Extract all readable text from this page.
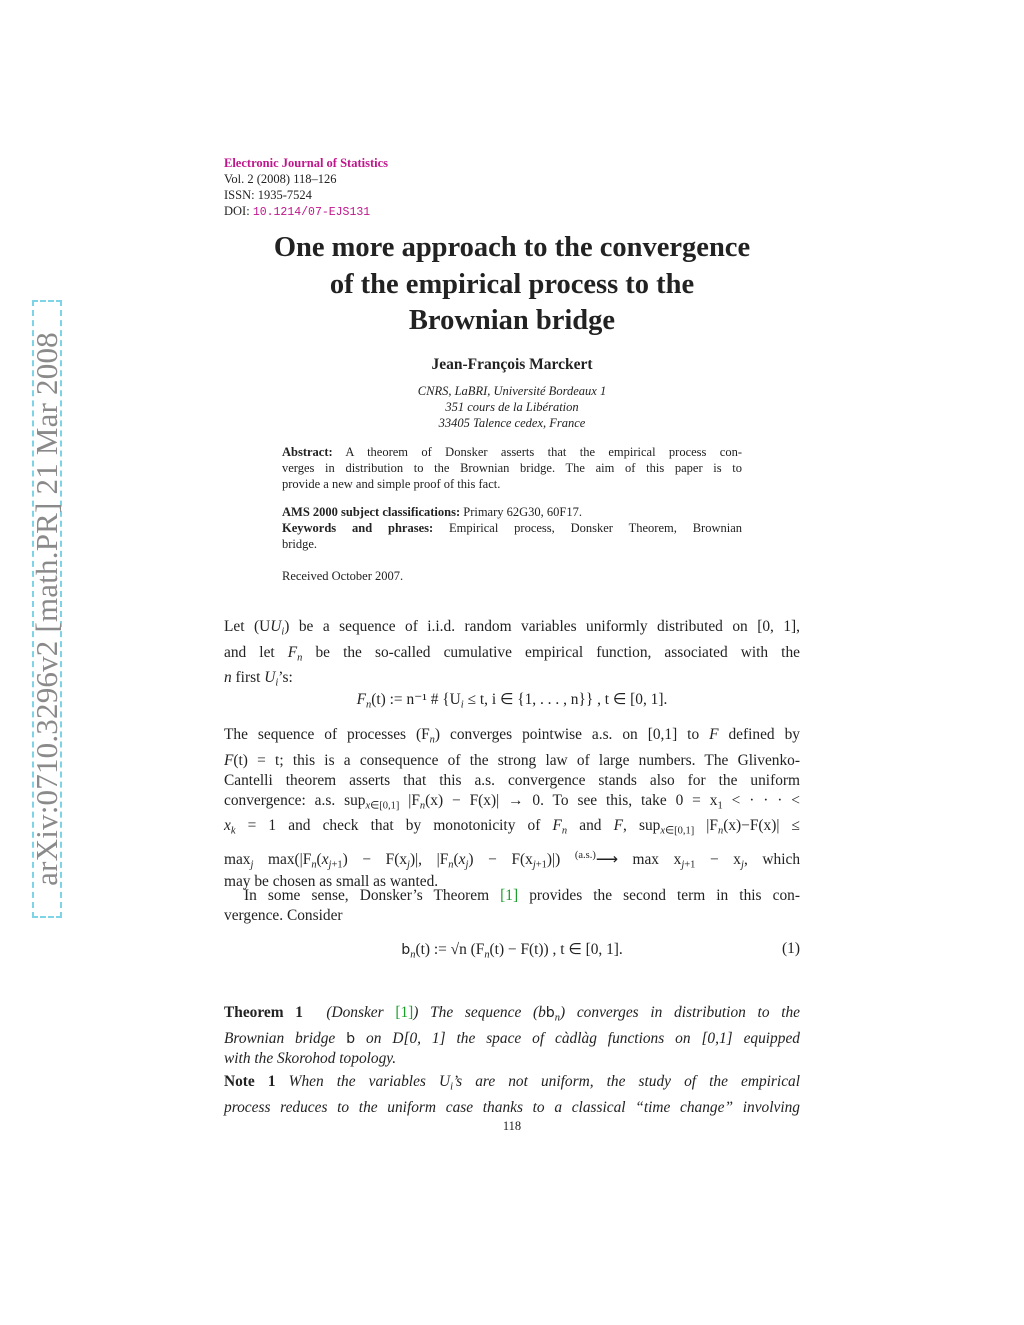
arXiv:0710.3296v2 [math.PR] 21 Mar 2008
Electronic Journal of Statistics
Vol. 2 (2008) 118–126
ISSN: 1935-7524
DOI: 10.1214/07-EJS131
One more approach to the convergence
of the empirical process to the
Brownian bridge
Jean-François Marckert
CNRS, LaBRI, Université Bordeaux 1
351 cours de la Libération
33405 Talence cedex, France
Abstract: A theorem of Donsker asserts that the empirical process con-
verges in distribution to the Brownian bridge. The aim of this paper is to
provide a new and simple proof of this fact.
AMS 2000 subject classifications: Primary 62G30, 60F17.
Keywords and phrases: Empirical process, Donsker Theorem, Brownian
bridge.
Received October 2007.
Let $(UU_i)$ be a sequence of i.i.d. random variables uniformly distributed on [0, 1],
and let $F_n$ be the so-called cumulative empirical function, associated with the
n first $U_i’s$:
$F_n(t)$ := n⁻¹ # {$U_i \le t$, i ∈ {1, . . . , n}} , t ∈ [0, 1].
The sequence of processes $(F_n)$ converges pointwise a.s. on [0,1] to F defined by
F(t) = t; this is a consequence of the strong law of large numbers. The Glivenko-
Cantelli theorem asserts that this a.s. convergence stands also for the uniform
convergence: a.s. sup$_{x\in[0,1]}$ $|F_n(x) - F(x)| \to 0$. To see this, take $0 = x_1$ < · · · <
$x_k = 1$ and check that by monotonicity of $F_n$ and F, sup$_{x\in[0,1]}$ $|F_n(x)-F(x)|$ ≤
$\max_j \max(|F_n(x_{j+1}) - F(x_j)|$, $|F_n(x_j) - F(x_{j+1})|$) $^{(a.s.)}$⟶ $\max x_{j+1} - x_j$, which
may be chosen as small as wanted.
In some sense, Donsker’s Theorem [1] provides the second term in this con-
vergence. Consider
$b_n(t)$ := √n $(F_n(t) - F(t))$ , t ∈ [0, 1].	(1)
Theorem 1 (Donsker [1]) The sequence $(bb_n)$ converges in distribution to the
Brownian bridge b on D[0, 1] the space of càdlàg functions on [0,1] equipped
with the Skorohod topology.
Note 1 When the variables $U_i’s$ are not uniform, the study of the empirical
process reduces to the uniform case thanks to a classical “time change” involving
118
